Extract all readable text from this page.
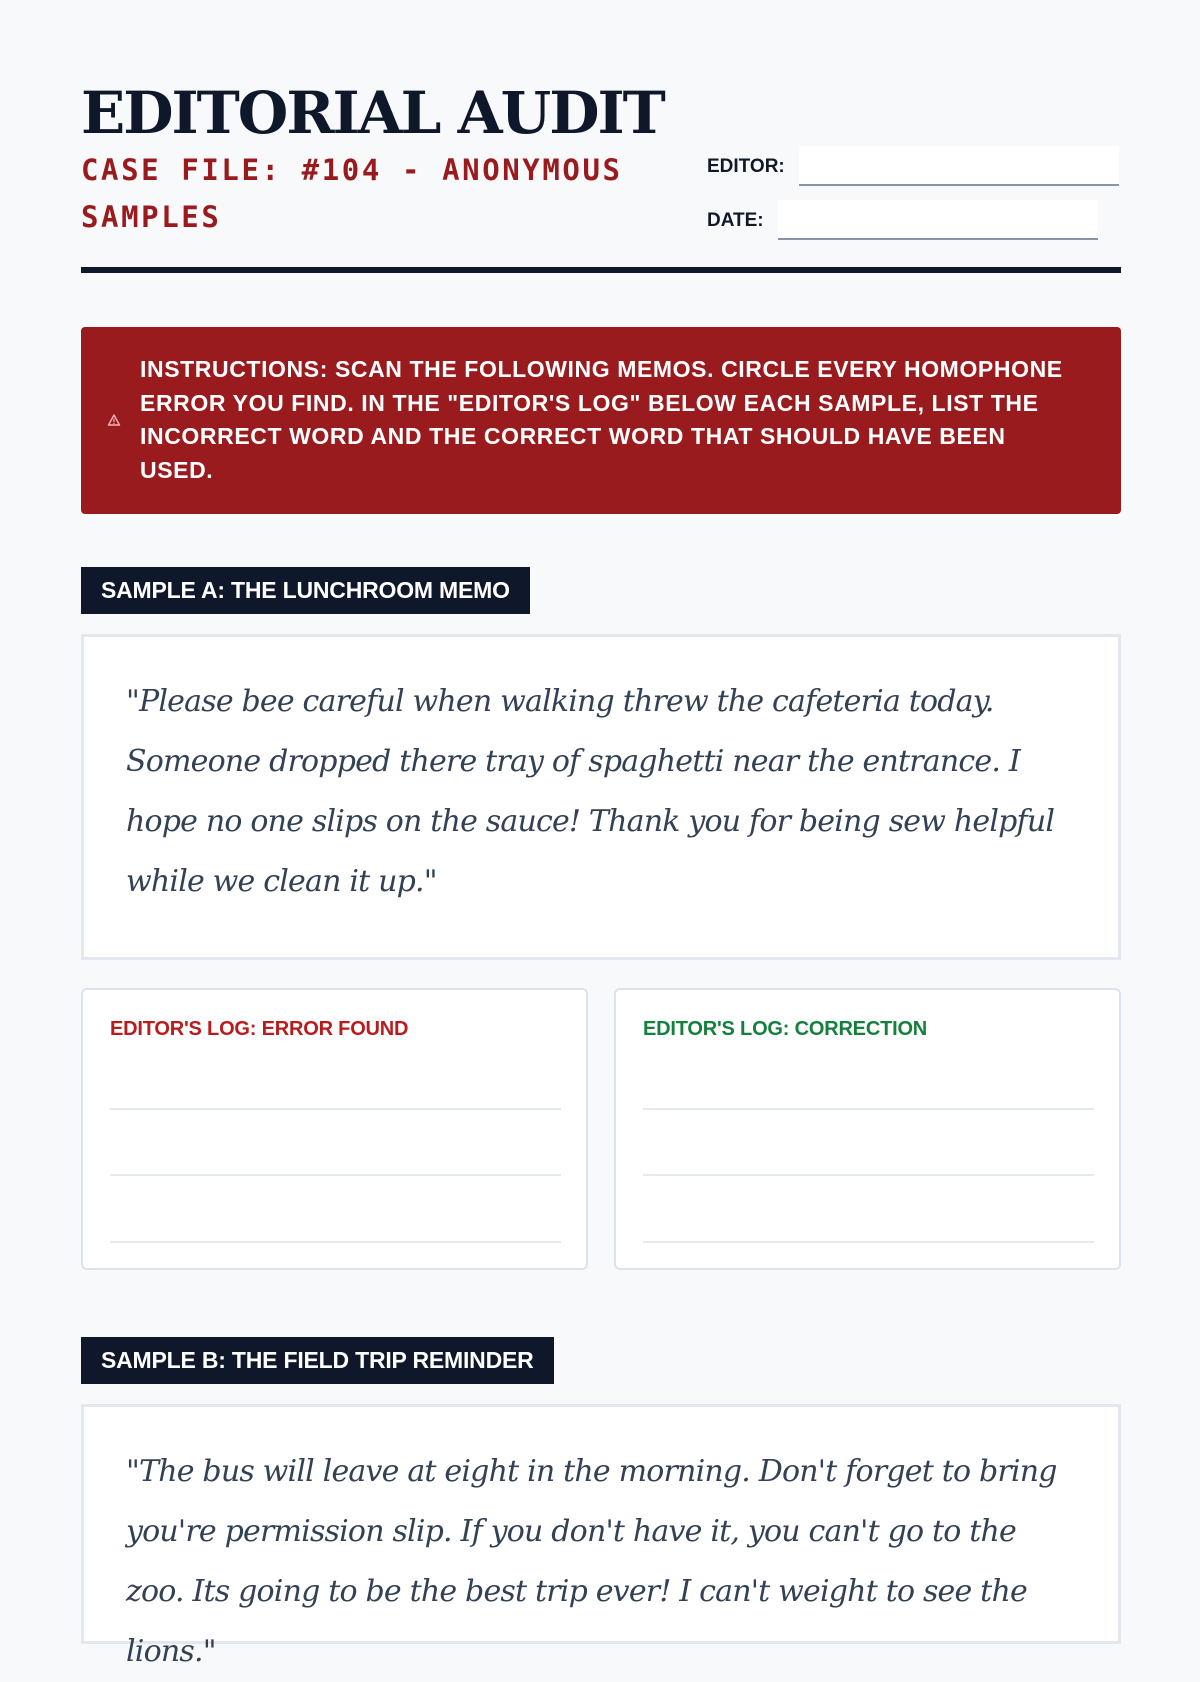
EDITORIAL AUDIT
CASE FILE: #104 - ANONYMOUS SAMPLES
EDITOR:
DATE:
INSTRUCTIONS: SCAN THE FOLLOWING MEMOS. CIRCLE EVERY HOMOPHONE ERROR YOU FIND. IN THE "EDITOR'S LOG" BELOW EACH SAMPLE, LIST THE INCORRECT WORD AND THE CORRECT WORD THAT SHOULD HAVE BEEN USED.
SAMPLE A: THE LUNCHROOM MEMO

"Please bee careful when walking threw the cafeteria today. Someone dropped there tray of spaghetti near the entrance. I hope no one slips on the sauce! Thank you for being sew helpful while we clean it up."

EDITOR'S LOG: ERROR FOUND	EDITOR'S LOG: CORRECTION
SAMPLE B: THE FIELD TRIP REMINDER

"The bus will leave at eight in the morning. Don't forget to bring you're permission slip. If you don't have it, you can't go to the zoo. Its going to be the best trip ever! I can't weight to see the lions."
